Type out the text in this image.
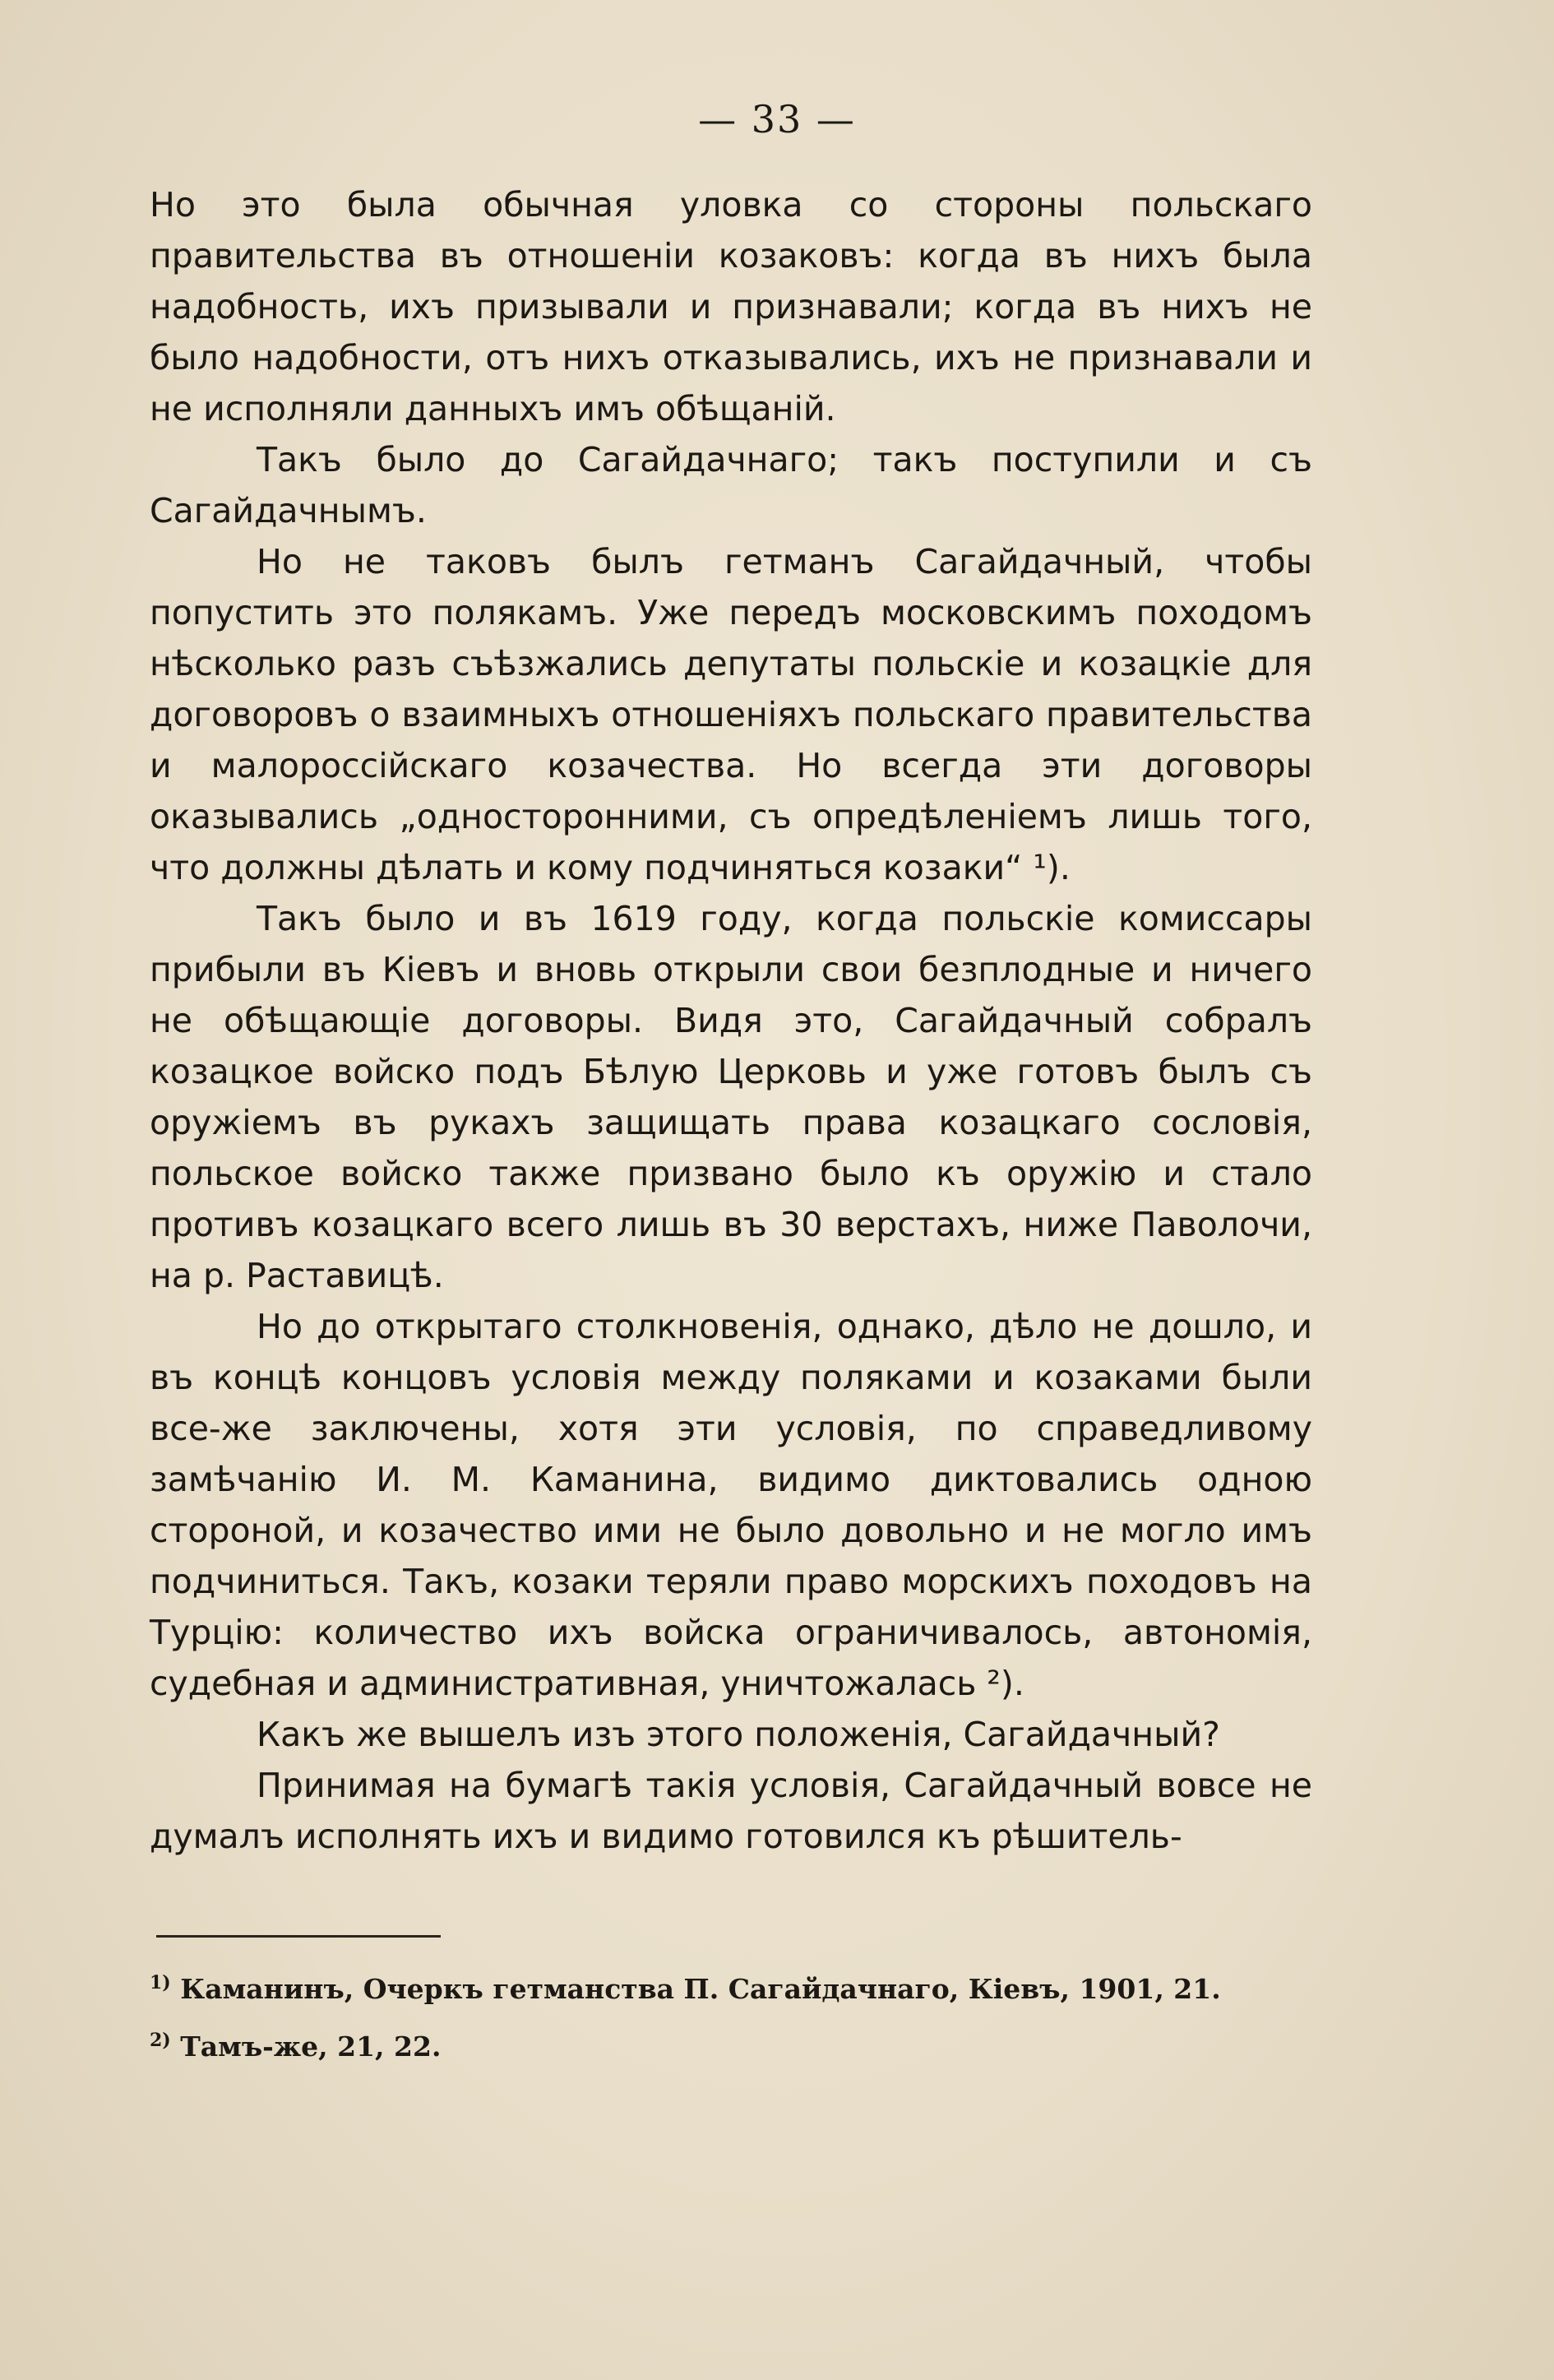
— 33 —

Но это была обычная уловка со стороны польскаго правительства въ отношеніи козаковъ: когда въ нихъ была надобность, ихъ призывали и признавали; когда въ нихъ не было надобности, отъ нихъ отказывались, ихъ не признавали и не исполняли данныхъ имъ обѣщаній.

Такъ было до Сагайдачнаго; такъ поступили и съ Сагайдачнымъ.

Но не таковъ былъ гетманъ Сагайдачный, чтобы попустить это полякамъ. Уже передъ московскимъ походомъ нѣсколько разъ съѣзжались депутаты польскіе и козацкіе для договоровъ о взаимныхъ отношеніяхъ польскаго правительства и малороссійскаго козачества. Но всегда эти договоры оказывались „односторонними, съ опредѣленіемъ лишь того, что должны дѣлать и кому подчиняться козаки“ ¹).

Такъ было и въ 1619 году, когда польскіе комиссары прибыли въ Кіевъ и вновь открыли свои безплодные и ничего не обѣщающіе договоры. Видя это, Сагайдачный собралъ козацкое войско подъ Бѣлую Церковь и уже готовъ былъ съ оружіемъ въ рукахъ защищать права козацкаго сословія, польское войско также призвано было къ оружію и стало противъ козацкаго всего лишь въ 30 верстахъ, ниже Паволочи, на р. Раставицѣ.

Но до открытаго столкновенія, однако, дѣло не дошло, и въ концѣ концовъ условія между поляками и козаками были все-же заключены, хотя эти условія, по справедливому замѣчанію И. М. Каманина, видимо диктовались одною стороной, и козачество ими не было довольно и не могло имъ подчиниться. Такъ, козаки теряли право морскихъ походовъ на Турцію: количество ихъ войска ограничивалось, автономія, судебная и административная, уничтожалась ²).

Какъ же вышелъ изъ этого положенія, Сагайдачный?

Принимая на бумагѣ такія условія, Сагайдачный вовсе не думалъ исполнять ихъ и видимо готовился къ рѣшитель-

$^{1)}$ Каманинъ, Очеркъ гетманства П. Сагайдачнаго, Кіевъ, 1901, 21.

$^{2)}$ Тамъ-же, 21, 22.
